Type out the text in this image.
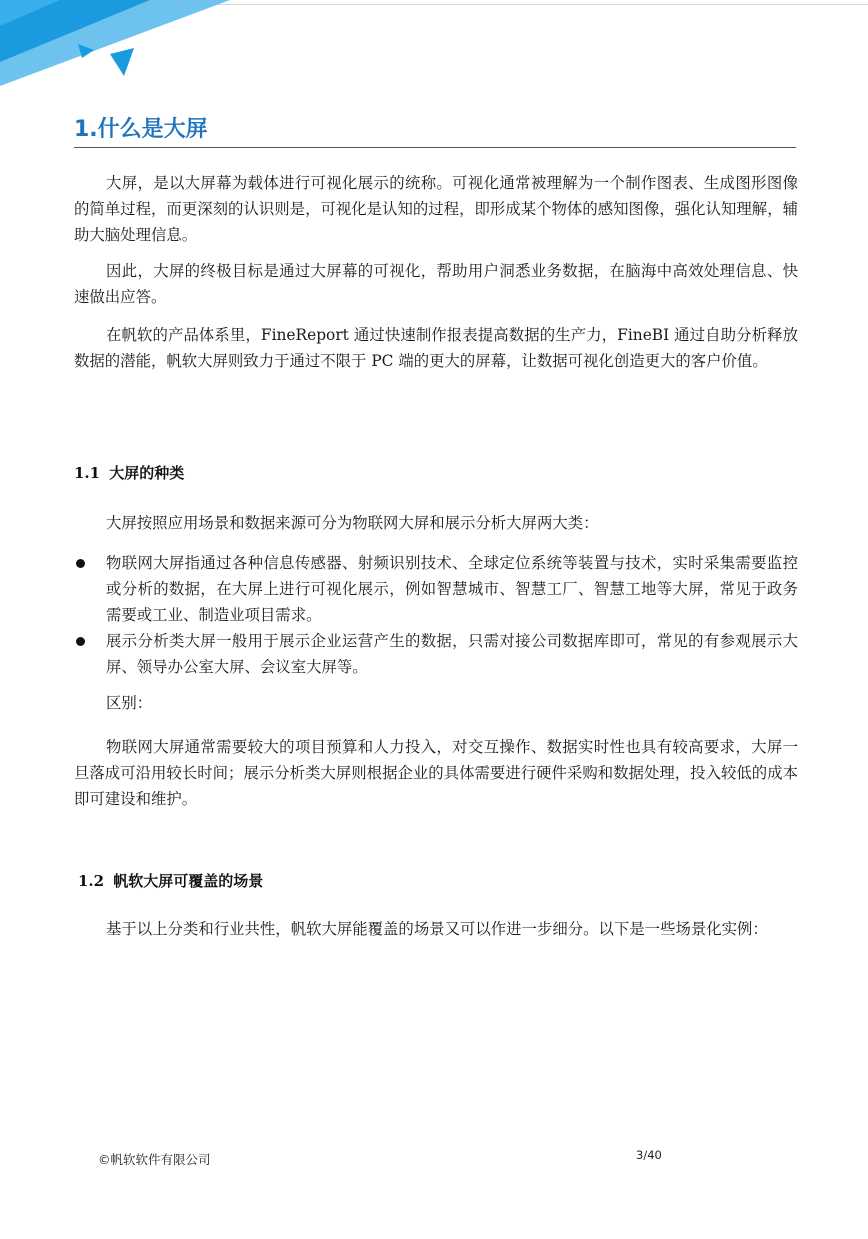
1.什么是大屏

大屏，是以大屏幕为载体进行可视化展示的统称。可视化通常被理解为一个制作图表、生成图形图像的简单过程，而更深刻的认识则是，可视化是认知的过程，即形成某个物体的感知图像，强化认知理解，辅助大脑处理信息。

因此，大屏的终极目标是通过大屏幕的可视化，帮助用户洞悉业务数据，在脑海中高效处理信息、快速做出应答。

在帆软的产品体系里，FineReport 通过快速制作报表提高数据的生产力，FineBI 通过自助分析释放数据的潜能，帆软大屏则致力于通过不限于 PC 端的更大的屏幕，让数据可视化创造更大的客户价值。

1.1 大屏的种类

大屏按照应用场景和数据来源可分为物联网大屏和展示分析大屏两大类：

物联网大屏指通过各种信息传感器、射频识别技术、全球定位系统等装置与技术，实时采集需要监控或分析的数据，在大屏上进行可视化展示，例如智慧城市、智慧工厂、智慧工地等大屏，常见于政务需要或工业、制造业项目需求。
展示分析类大屏一般用于展示企业运营产生的数据，只需对接公司数据库即可，常见的有参观展示大屏、领导办公室大屏、会议室大屏等。

区别：

物联网大屏通常需要较大的项目预算和人力投入，对交互操作、数据实时性也具有较高要求，大屏一旦落成可沿用较长时间；展示分析类大屏则根据企业的具体需要进行硬件采购和数据处理，投入较低的成本即可建设和维护。

1.2 帆软大屏可覆盖的场景

基于以上分类和行业共性，帆软大屏能覆盖的场景又可以作进一步细分。以下是一些场景化实例：

©帆软软件有限公司	3/40
